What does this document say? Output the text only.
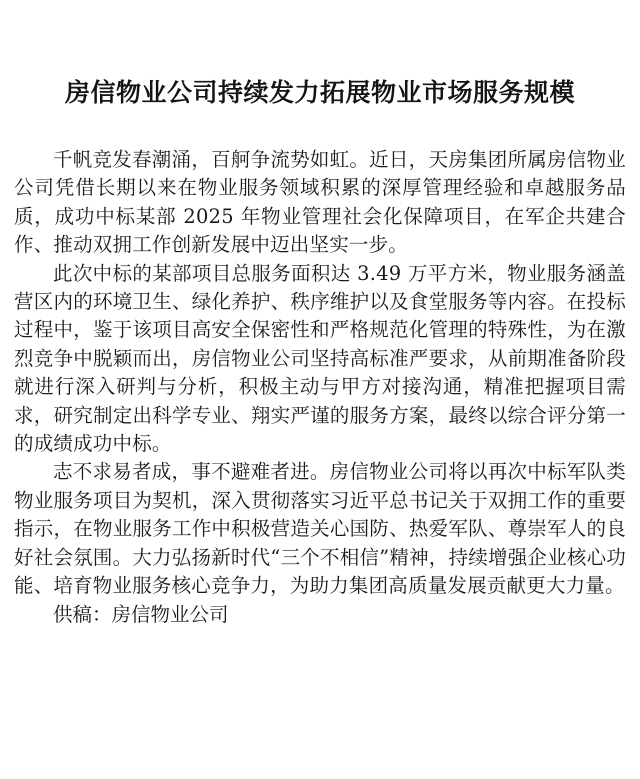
房信物业公司持续发力拓展物业市场服务规模

千帆竞发春潮涌，百舸争流势如虹。近日，天房集团所属房信物业公司凭借长期以来在物业服务领域积累的深厚管理经验和卓越服务品质，成功中标某部 2025 年物业管理社会化保障项目，在军企共建合作、推动双拥工作创新发展中迈出坚实一步。

此次中标的某部项目总服务面积达 3.49 万平方米，物业服务涵盖营区内的环境卫生、绿化养护、秩序维护以及食堂服务等内容。在投标过程中，鉴于该项目高安全保密性和严格规范化管理的特殊性，为在激烈竞争中脱颖而出，房信物业公司坚持高标准严要求，从前期准备阶段就进行深入研判与分析，积极主动与甲方对接沟通，精准把握项目需求，研究制定出科学专业、翔实严谨的服务方案，最终以综合评分第一的成绩成功中标。

志不求易者成，事不避难者进。房信物业公司将以再次中标军队类物业服务项目为契机，深入贯彻落实习近平总书记关于双拥工作的重要指示，在物业服务工作中积极营造关心国防、热爱军队、尊崇军人的良好社会氛围。大力弘扬新时代“三个不相信”精神，持续增强企业核心功能、培育物业服务核心竞争力，为助力集团高质量发展贡献更大力量。

供稿：房信物业公司
